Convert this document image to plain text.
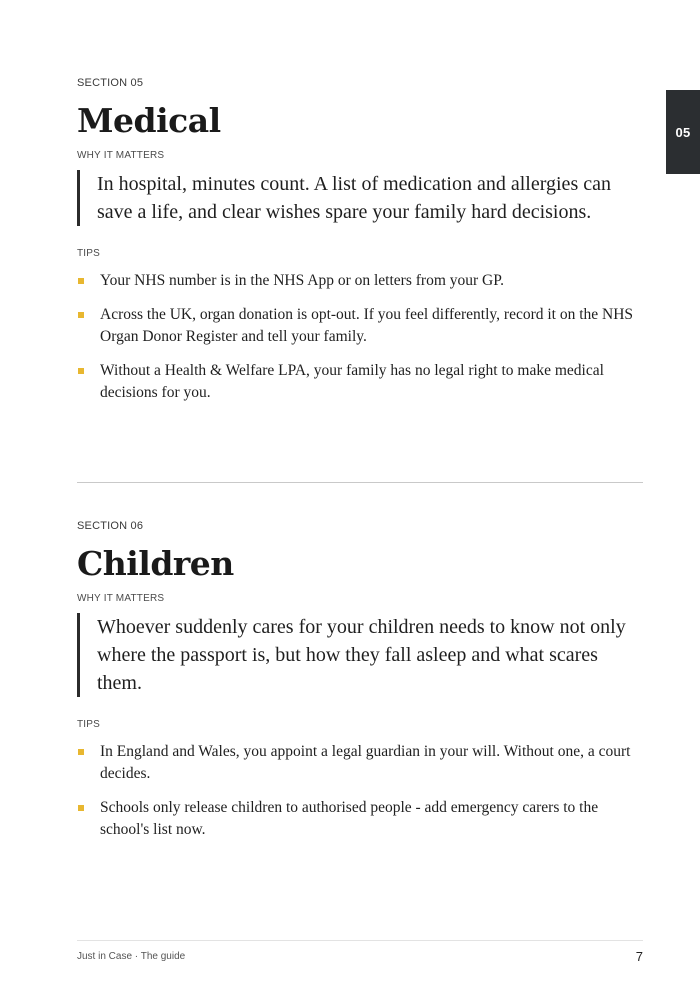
05
SECTION 05
Medical
WHY IT MATTERS
In hospital, minutes count. A list of medication and allergies can save a life, and clear wishes spare your family hard decisions.
TIPS
Your NHS number is in the NHS App or on letters from your GP.
Across the UK, organ donation is opt-out. If you feel differently, record it on the NHS Organ Donor Register and tell your family.
Without a Health & Welfare LPA, your family has no legal right to make medical decisions for you.
SECTION 06
Children
WHY IT MATTERS
Whoever suddenly cares for your children needs to know not only where the passport is, but how they fall asleep and what scares them.
TIPS
In England and Wales, you appoint a legal guardian in your will. Without one, a court decides.
Schools only release children to authorised people - add emergency carers to the school's list now.
Just in Case · The guide	7
